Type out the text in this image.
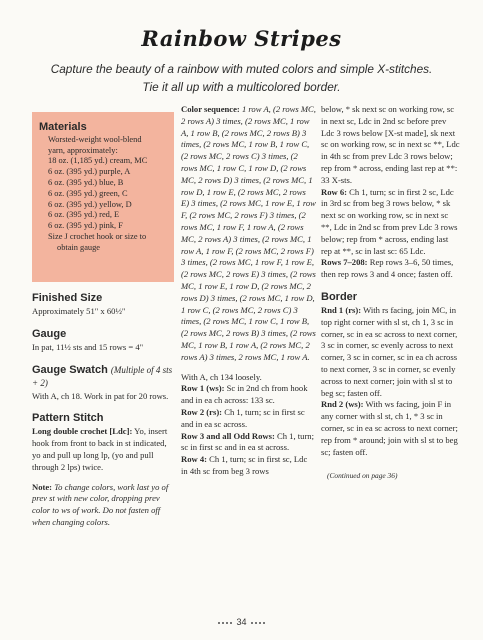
Rainbow Stripes
Capture the beauty of a rainbow with muted colors and simple X-stitches.
Tie it all up with a multicolored border.
Materials
Worsted-weight wool-blend
yarn, approximately:
18 oz. (1,185 yd.) cream, MC
6 oz. (395 yd.) purple, A
6 oz. (395 yd.) blue, B
6 oz. (395 yd.) green, C
6 oz. (395 yd.) yellow, D
6 oz. (395 yd.) red, E
6 oz. (395 yd.) pink, F
Size J crochet hook or size to
obtain gauge
Finished Size

Approximately 51" x 60½"

Gauge

In pat, 11½ sts and 15 rows = 4"

Gauge Swatch (Multiple of 4 sts + 2)

With A, ch 18. Work in pat for 20 rows.

Pattern Stitch

Long double crochet [Ldc]: Yo, insert hook from front to back in st indicated, yo and pull up long lp, (yo and pull through 2 lps) twice.

Note: To change colors, work last yo of prev st with new color, dropping prev color to ws of work. Do not fasten off when changing colors.

Color sequence: 1 row A, (2 rows MC, 2 rows A) 3 times, (2 rows MC, 1 row A, 1 row B, (2 rows MC, 2 rows B) 3 times, (2 rows MC, 1 row B, 1 row C, (2 rows MC, 2 rows C) 3 times, (2 rows MC, 1 row C, 1 row D, (2 rows MC, 2 rows D) 3 times, (2 rows MC, 1 row D, 1 row E, (2 rows MC, 2 rows E) 3 times, (2 rows MC, 1 row E, 1 row F, (2 rows MC, 2 rows F) 3 times, (2 rows MC, 1 row F, 1 row A, (2 rows MC, 2 rows A) 3 times, (2 rows MC, 1 row A, 1 row F, (2 rows MC, 2 rows F) 3 times, (2 rows MC, 1 row F, 1 row E, (2 rows MC, 2 rows E) 3 times, (2 rows MC, 1 row E, 1 row D, (2 rows MC, 2 rows D) 3 times, (2 rows MC, 1 row D, 1 row C, (2 rows MC, 2 rows C) 3 times, (2 rows MC, 1 row C, 1 row B, (2 rows MC, 2 rows B) 3 times, (2 rows MC, 1 row B, 1 row A, (2 rows MC, 2 rows A) 3 times, 2 rows MC, 1 row A.

With A, ch 134 loosely.

Row 1 (ws): Sc in 2nd ch from hook and in ea ch across: 133 sc.

Row 2 (rs): Ch 1, turn; sc in first sc and in ea sc across.

Row 3 and all Odd Rows: Ch 1, turn; sc in first sc and in ea st across.

Row 4: Ch 1, turn; sc in first sc, Ldc in 4th sc from beg 3 rows

below, * sk next sc on working row, sc in next sc, Ldc in 2nd sc before prev Ldc 3 rows below [X-st made], sk next sc on working row, sc in next sc **, Ldc in 4th sc from prev Ldc 3 rows below; rep from * across, ending last rep at **: 33 X-sts.

Row 6: Ch 1, turn; sc in first 2 sc, Ldc in 3rd sc from beg 3 rows below, * sk next sc on working row, sc in next sc **, Ldc in 2nd sc from prev Ldc 3 rows below; rep from * across, ending last rep at **, sc in last sc: 65 Ldc.

Rows 7–208: Rep rows 3–6, 50 times, then rep rows 3 and 4 once; fasten off.

Border

Rnd 1 (rs): With rs facing, join MC, in top right corner with sl st, ch 1, 3 sc in corner, sc in ea sc across to next corner, 3 sc in corner, sc evenly across to next corner, 3 sc in corner, sc in ea ch across to next corner, 3 sc in corner, sc evenly across to next corner; join with sl st to beg sc; fasten off.

Rnd 2 (ws): With ws facing, join F in any corner with sl st, ch 1, * 3 sc in corner, sc in ea sc across to next corner; rep from * around; join with sl st to beg sc; fasten off.

(Continued on page 36)

34
